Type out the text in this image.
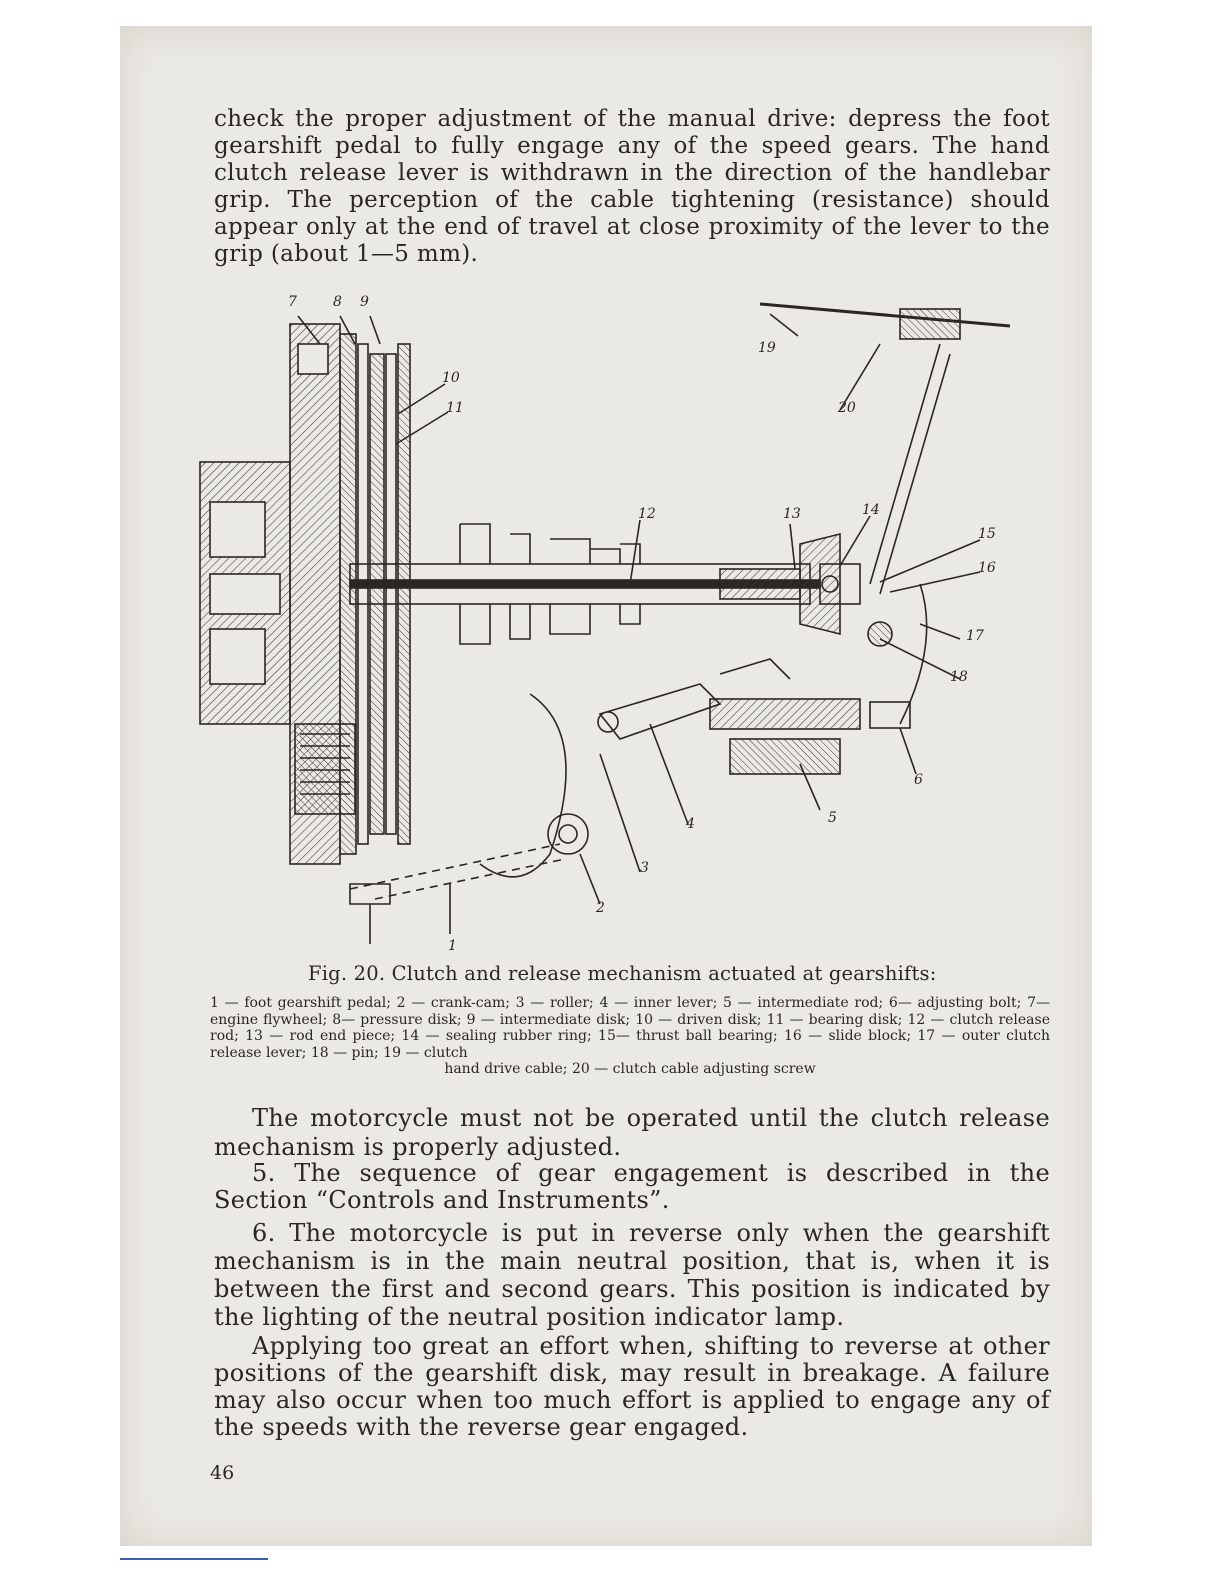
check the proper adjustment of the manual drive: depress the foot gearshift pedal to fully engage any of the speed gears. The hand clutch release lever is withdrawn in the direction of the handlebar grip. The perception of the cable tightening (resistance) should appear only at the end of travel at close proximity of the lever to the grip (about 1—5 mm).

7	8 9
10
11
12	13	14
15
16
17
18
19
20
1
2
3
4	5
6

Fig. 20. Clutch and release mechanism actuated at gearshifts:

1 — foot gearshift pedal; 2 — crank-cam; 3 — roller; 4 — inner lever; 5 — intermediate rod; 6— adjusting bolt; 7—engine flywheel; 8— pressure disk; 9 — intermediate disk; 10 — driven disk; 11 — bearing disk; 12 — clutch release rod; 13 — rod end piece; 14 — sealing rubber ring; 15— thrust ball bearing; 16 — slide block; 17 — outer clutch release lever; 18 — pin; 19 — clutch

hand drive cable; 20 — clutch cable adjusting screw

The motorcycle must not be operated until the clutch release mechanism is properly adjusted.

5. The sequence of gear engagement is described in the Section “Controls and Instruments”.

6. The motorcycle is put in reverse only when the gearshift mechanism is in the main neutral position, that is, when it is between the first and second gears. This position is indicated by the lighting of the neutral position indicator lamp.

Applying too great an effort when, shifting to reverse at other positions of the gearshift disk, may result in breakage. A failure may also occur when too much effort is applied to engage any of the speeds with the reverse gear engaged.

46
